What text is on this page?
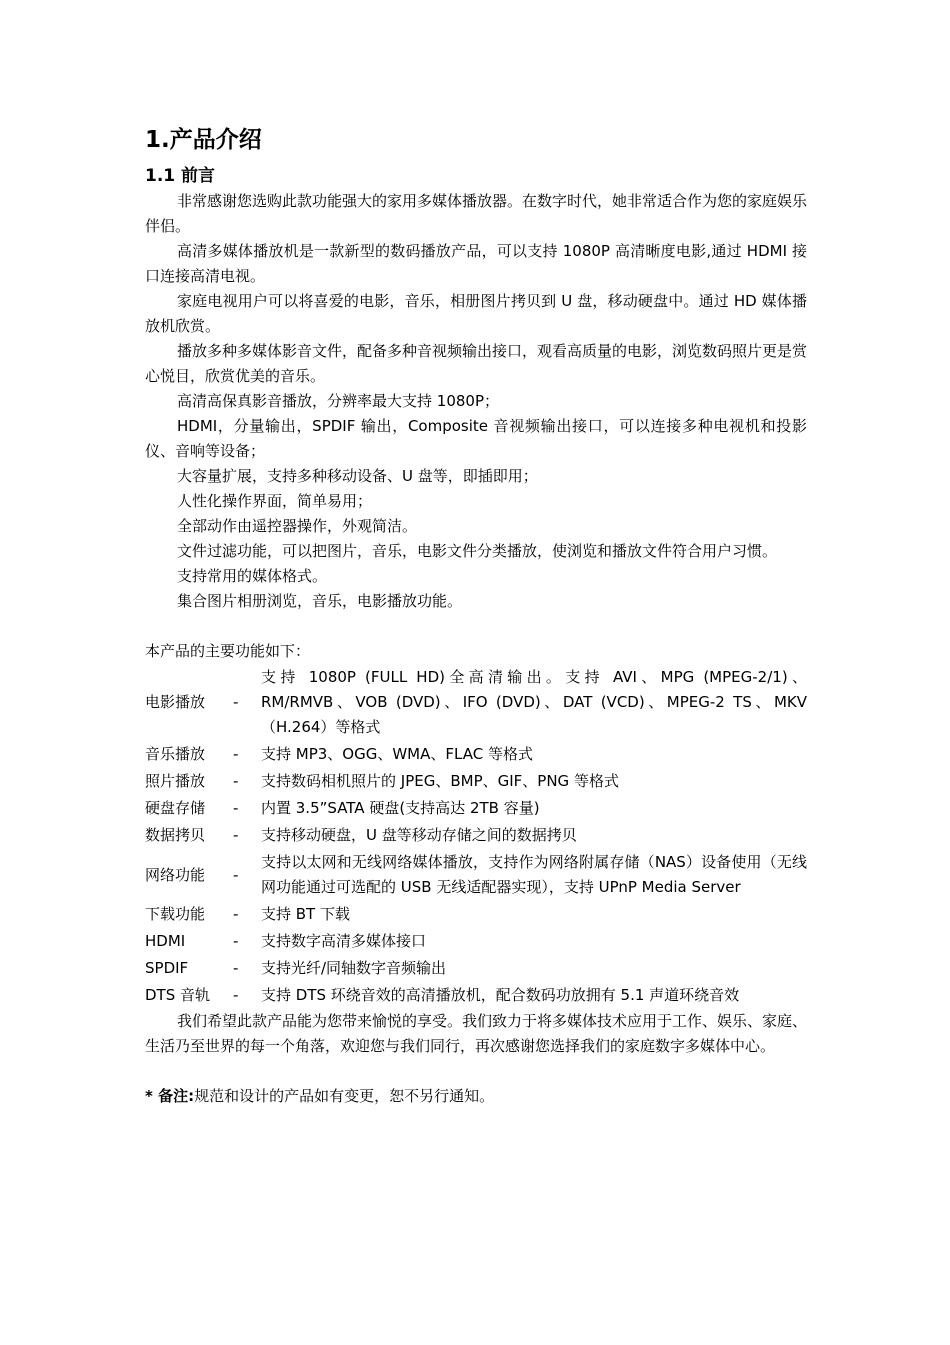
1.产品介绍
1.1 前言

非常感谢您选购此款功能强大的家用多媒体播放器。在数字时代，她非常适合作为您的家庭娱乐伴侣。

高清多媒体播放机是一款新型的数码播放产品，可以支持 1080P 高清晰度电影,通过 HDMI 接口连接高清电视。

家庭电视用户可以将喜爱的电影，音乐，相册图片拷贝到 U 盘，移动硬盘中。通过 HD 媒体播放机欣赏。

播放多种多媒体影音文件，配备多种音视频输出接口，观看高质量的电影，浏览数码照片更是赏心悦目，欣赏优美的音乐。

高清高保真影音播放，分辨率最大支持 1080P；

HDMI，分量输出，SPDIF 输出，Composite 音视频输出接口，可以连接多种电视机和投影仪、音响等设备；

大容量扩展，支持多种移动设备、U 盘等，即插即用；

人性化操作界面，简单易用；

全部动作由遥控器操作，外观简洁。

文件过滤功能，可以把图片，音乐，电影文件分类播放，使浏览和播放文件符合用户习惯。

支持常用的媒体格式。

集合图片相册浏览，音乐，电影播放功能。

本产品的主要功能如下：

电影播放	-	支持 1080P (FULL HD)全高清输出。支持 AVI、MPG (MPEG-2/1)、RM/RMVB、VOB (DVD)、IFO (DVD)、DAT (VCD)、MPEG-2 TS、MKV（H.264）等格式
音乐播放	-	支持 MP3、OGG、WMA、FLAC 等格式
照片播放	-	支持数码相机照片的 JPEG、BMP、GIF、PNG 等格式
硬盘存储	-	内置 3.5”SATA 硬盘(支持高达 2TB 容量)
数据拷贝	-	支持移动硬盘，U 盘等移动存储之间的数据拷贝
网络功能	-	支持以太网和无线网络媒体播放，支持作为网络附属存储（NAS）设备使用（无线网功能通过可选配的 USB 无线适配器实现），支持 UPnP Media Server
下载功能	-	支持 BT 下载
HDMI	-	支持数字高清多媒体接口
SPDIF	-	支持光纤/同轴数字音频输出
DTS 音轨	-	支持 DTS 环绕音效的高清播放机，配合数码功放拥有 5.1 声道环绕音效

我们希望此款产品能为您带来愉悦的享受。我们致力于将多媒体技术应用于工作、娱乐、家庭、生活乃至世界的每一个角落，欢迎您与我们同行，再次感谢您选择我们的家庭数字多媒体中心。

* 备注:规范和设计的产品如有变更，恕不另行通知。
